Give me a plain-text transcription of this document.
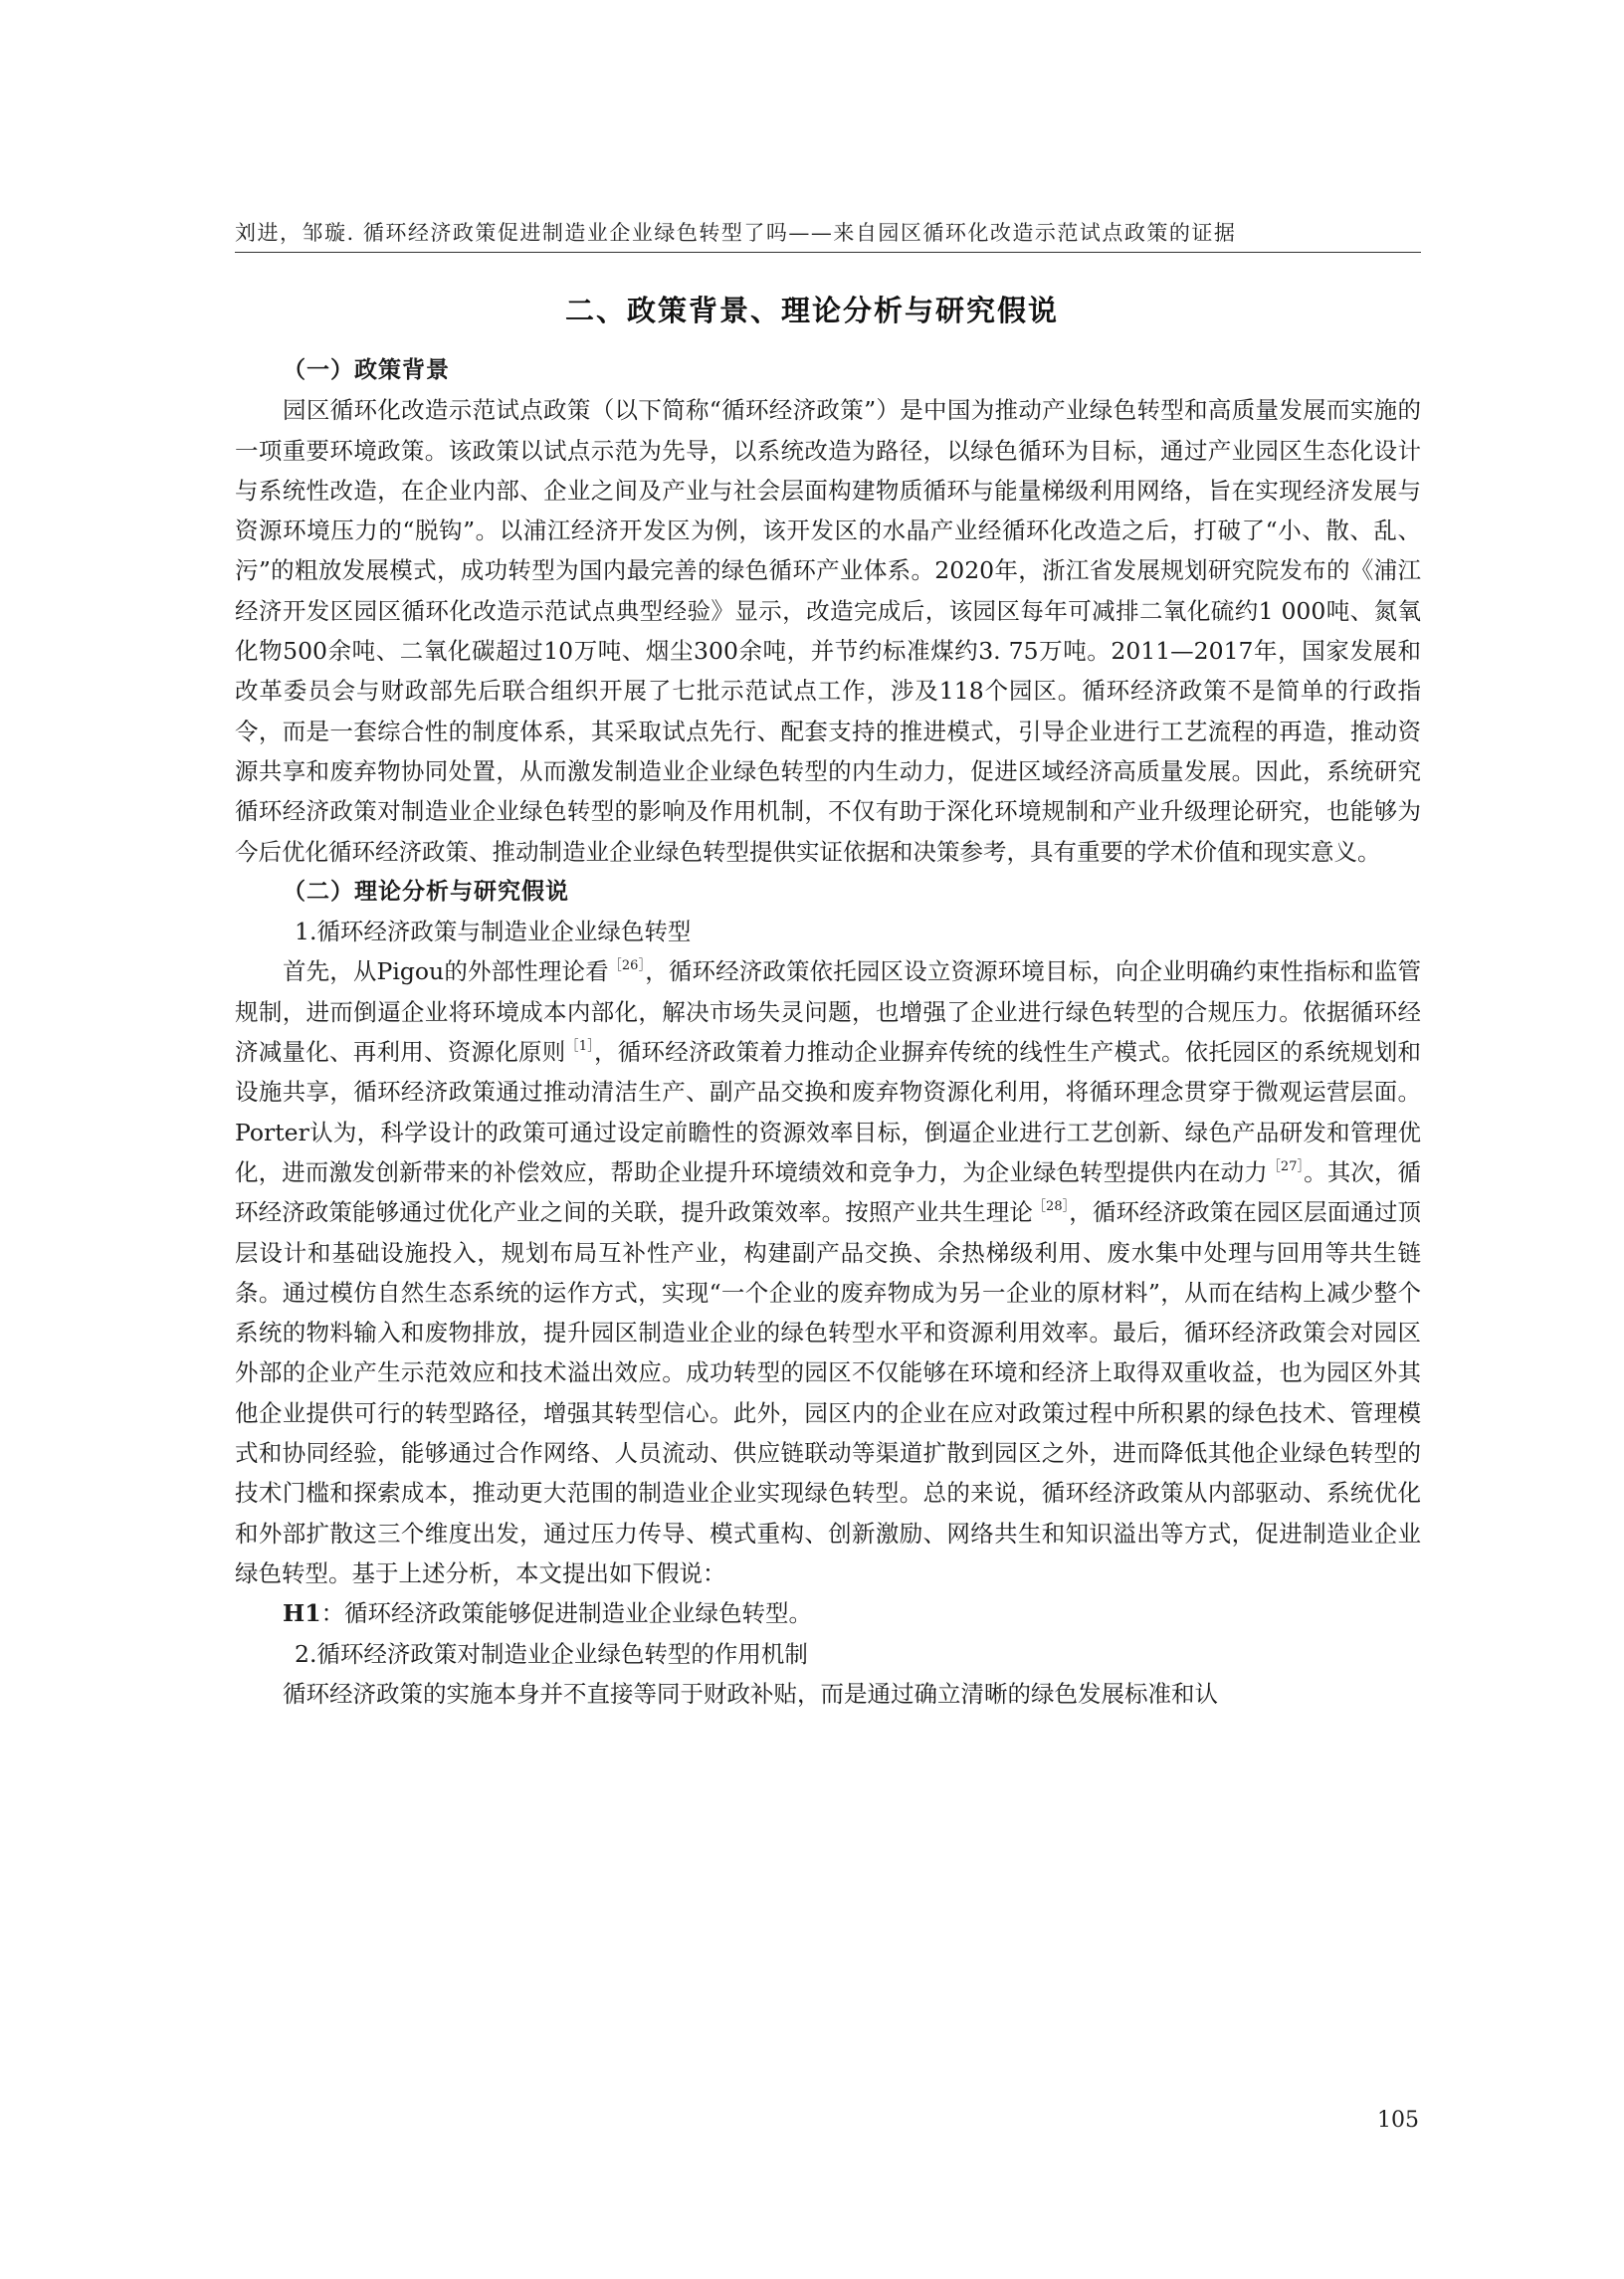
刘进，邹璇. 循环经济政策促进制造业企业绿色转型了吗——来自园区循环化改造示范试点政策的证据
二、政策背景、理论分析与研究假说

（一）政策背景

园区循环化改造示范试点政策（以下简称“循环经济政策”）是中国为推动产业绿色转型和高质量发展而实施的一项重要环境政策。该政策以试点示范为先导，以系统改造为路径，以绿色循环为目标，通过产业园区生态化设计与系统性改造，在企业内部、企业之间及产业与社会层面构建物质循环与能量梯级利用网络，旨在实现经济发展与资源环境压力的“脱钩”。以浦江经济开发区为例，该开发区的水晶产业经循环化改造之后，打破了“小、散、乱、污”的粗放发展模式，成功转型为国内最完善的绿色循环产业体系。2020年，浙江省发展规划研究院发布的《浦江经济开发区园区循环化改造示范试点典型经验》显示，改造完成后，该园区每年可减排二氧化硫约1 000吨、氮氧化物500余吨、二氧化碳超过10万吨、烟尘300余吨，并节约标准煤约3. 75万吨。2011—2017年，国家发展和改革委员会与财政部先后联合组织开展了七批示范试点工作，涉及118个园区。循环经济政策不是简单的行政指令，而是一套综合性的制度体系，其采取试点先行、配套支持的推进模式，引导企业进行工艺流程的再造，推动资源共享和废弃物协同处置，从而激发制造业企业绿色转型的内生动力，促进区域经济高质量发展。因此，系统研究循环经济政策对制造业企业绿色转型的影响及作用机制，不仅有助于深化环境规制和产业升级理论研究，也能够为今后优化循环经济政策、推动制造业企业绿色转型提供实证依据和决策参考，具有重要的学术价值和现实意义。

（二）理论分析与研究假说

1.循环经济政策与制造业企业绿色转型

首先，从Pigou的外部性理论看$^{[26]}$，循环经济政策依托园区设立资源环境目标，向企业明确约束性指标和监管规制，进而倒逼企业将环境成本内部化，解决市场失灵问题，也增强了企业进行绿色转型的合规压力。依据循环经济减量化、再利用、资源化原则$^{[1]}$，循环经济政策着力推动企业摒弃传统的线性生产模式。依托园区的系统规划和设施共享，循环经济政策通过推动清洁生产、副产品交换和废弃物资源化利用，将循环理念贯穿于微观运营层面。Porter认为，科学设计的政策可通过设定前瞻性的资源效率目标，倒逼企业进行工艺创新、绿色产品研发和管理优化，进而激发创新带来的补偿效应，帮助企业提升环境绩效和竞争力，为企业绿色转型提供内在动力$^{[27]}$。其次，循环经济政策能够通过优化产业之间的关联，提升政策效率。按照产业共生理论$^{[28]}$，循环经济政策在园区层面通过顶层设计和基础设施投入，规划布局互补性产业，构建副产品交换、余热梯级利用、废水集中处理与回用等共生链条。通过模仿自然生态系统的运作方式，实现“一个企业的废弃物成为另一企业的原材料”，从而在结构上减少整个系统的物料输入和废物排放，提升园区制造业企业的绿色转型水平和资源利用效率。最后，循环经济政策会对园区外部的企业产生示范效应和技术溢出效应。成功转型的园区不仅能够在环境和经济上取得双重收益，也为园区外其他企业提供可行的转型路径，增强其转型信心。此外，园区内的企业在应对政策过程中所积累的绿色技术、管理模式和协同经验，能够通过合作网络、人员流动、供应链联动等渠道扩散到园区之外，进而降低其他企业绿色转型的技术门槛和探索成本，推动更大范围的制造业企业实现绿色转型。总的来说，循环经济政策从内部驱动、系统优化和外部扩散这三个维度出发，通过压力传导、模式重构、创新激励、网络共生和知识溢出等方式，促进制造业企业绿色转型。基于上述分析，本文提出如下假说：

H1：循环经济政策能够促进制造业企业绿色转型。

2.循环经济政策对制造业企业绿色转型的作用机制

循环经济政策的实施本身并不直接等同于财政补贴，而是通过确立清晰的绿色发展标准和认

105
